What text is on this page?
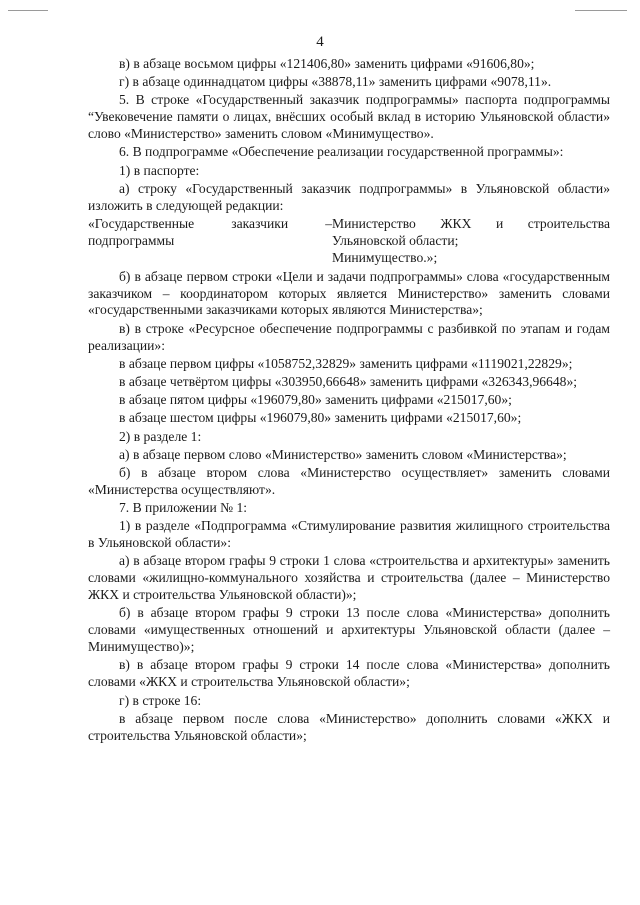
4

в) в абзаце восьмом цифры «121406,80» заменить цифрами «91606,80»;

г) в абзаце одиннадцатом цифры «38878,11» заменить цифрами «9078,11».

5. В строке «Государственный заказчик подпрограммы» паспорта подпрограммы “Увековечение памяти о лицах, внёсших особый вклад в историю Ульяновской области» слово «Министерство» заменить словом «Минимущество».

6. В подпрограмме «Обеспечение реализации государственной программы»:

1) в паспорте:

а) строку «Государственный заказчик подпрограммы» в Ульяновской области» изложить в следующей редакции:

«Государственные заказчики –
подпрограммы
Министерство ЖКХ и строительства
Ульяновской области;
Минимущество.»;

б) в абзаце первом строки «Цели и задачи подпрограммы» слова «государственным заказчиком – координатором которых является Министерство» заменить словами «государственными заказчиками которых являются Министерства»;

в) в строке «Ресурсное обеспечение подпрограммы с разбивкой по этапам и годам реализации»:

в абзаце первом цифры «1058752,32829» заменить цифрами «1119021,22829»;

в абзаце четвёртом цифры «303950,66648» заменить цифрами «326343,96648»;

в абзаце пятом цифры «196079,80» заменить цифрами «215017,60»;

в абзаце шестом цифры «196079,80» заменить цифрами «215017,60»;

2) в разделе 1:

а) в абзаце первом слово «Министерство» заменить словом «Министерства»;

б) в абзаце втором слова «Министерство осуществляет» заменить словами «Министерства осуществляют».

7. В приложении № 1:

1) в разделе «Подпрограмма «Стимулирование развития жилищного строительства в Ульяновской области»:

а) в абзаце втором графы 9 строки 1 слова «строительства и архитектуры» заменить словами «жилищно-коммунального хозяйства и строительства (далее – Министерство ЖКХ и строительства Ульяновской области)»;

б) в абзаце втором графы 9 строки 13 после слова «Министерства» дополнить словами «имущественных отношений и архитектуры Ульяновской области (далее – Минимущество)»;

в) в абзаце втором графы 9 строки 14 после слова «Министерства» дополнить словами «ЖКХ и строительства Ульяновской области»;

г) в строке 16:

в абзаце первом после слова «Министерство» дополнить словами «ЖКХ и строительства Ульяновской области»;
